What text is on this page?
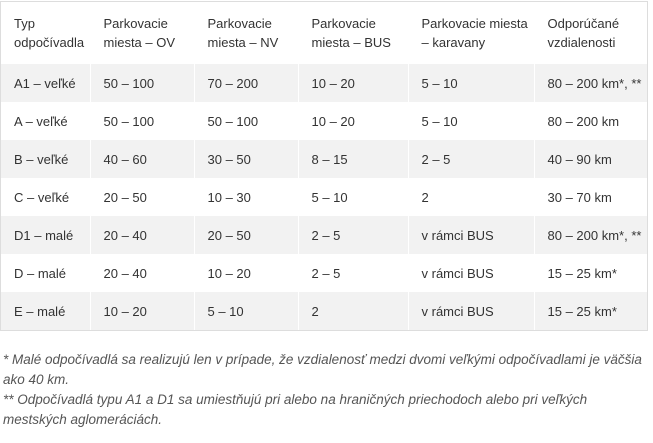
Typ odpočívadla	Parkovacie miesta – OV	Parkovacie miesta – NV	Parkovacie miesta – BUS	Parkovacie miesta – karavany	Odporúčané vzdialenosti
A1 – veľké	50 – 100	70 – 200	10 – 20	5 – 10	80 – 200 km*, **
A – veľké	50 – 100	50 – 100	10 – 20	5 – 10	80 – 200 km
B – veľké	40 – 60	30 – 50	8 – 15	2 – 5	40 – 90 km
C – veľké	20 – 50	10 – 30	5 – 10	2	30 – 70 km
D1 – malé	20 – 40	20 – 50	2 – 5	v rámci BUS	80 – 200 km*, **
D – malé	20 – 40	10 – 20	2 – 5	v rámci BUS	15 – 25 km*
E – malé	10 – 20	5 – 10	2	v rámci BUS	15 – 25 km*

* Malé odpočívadlá sa realizujú len v prípade, že vzdialenosť medzi dvomi veľkými odpočívadlami je väčšia ako 40 km.

** Odpočívadlá typu A1 a D1 sa umiestňujú pri alebo na hraničných priechodoch alebo pri veľkých mestských aglomeráciách.
